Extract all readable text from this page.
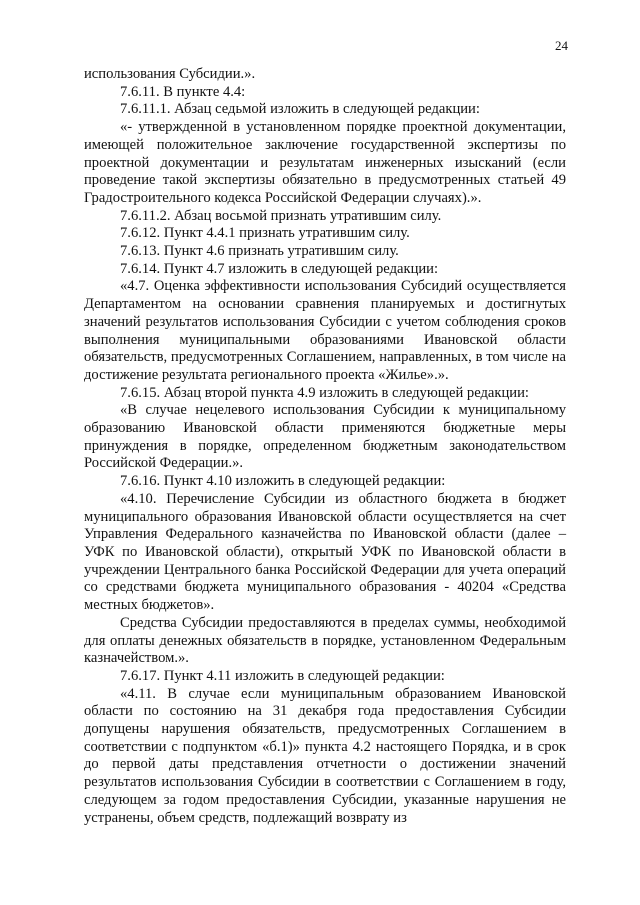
24

использования Субсидии.».

7.6.11. В пункте 4.4:

7.6.11.1. Абзац седьмой изложить в следующей редакции:

«- утвержденной в установленном порядке проектной документации, имеющей положительное заключение государственной экспертизы по проектной документации и результатам инженерных изысканий (если проведение такой экспертизы обязательно в предусмотренных статьей 49 Градостроительного кодекса Российской Федерации случаях).».

7.6.11.2. Абзац восьмой признать утратившим силу.

7.6.12. Пункт 4.4.1 признать утратившим силу.

7.6.13. Пункт 4.6 признать утратившим силу.

7.6.14. Пункт 4.7 изложить в следующей редакции:

«4.7. Оценка эффективности использования Субсидий осуществляется Департаментом на основании сравнения планируемых и достигнутых значений результатов использования Субсидии с учетом соблюдения сроков выполнения муниципальными образованиями Ивановской области обязательств, предусмотренных Соглашением, направленных, в том числе на достижение результата регионального проекта «Жилье».».

7.6.15. Абзац второй пункта 4.9 изложить в следующей редакции:

«В случае нецелевого использования Субсидии к муниципальному образованию Ивановской области применяются бюджетные меры принуждения в порядке, определенном бюджетным законодательством Российской Федерации.».

7.6.16. Пункт 4.10 изложить в следующей редакции:

«4.10. Перечисление Субсидии из областного бюджета в бюджет муниципального образования Ивановской области осуществляется на счет Управления Федерального казначейства по Ивановской области (далее – УФК по Ивановской области), открытый УФК по Ивановской области в учреждении Центрального банка Российской Федерации для учета операций со средствами бюджета муниципального образования - 40204 «Средства местных бюджетов».

Средства Субсидии предоставляются в пределах суммы, необходимой для оплаты денежных обязательств в порядке, установленном Федеральным казначейством.».

7.6.17. Пункт 4.11 изложить в следующей редакции:

«4.11. В случае если муниципальным образованием Ивановской области по состоянию на 31 декабря года предоставления Субсидии допущены нарушения обязательств, предусмотренных Соглашением в соответствии с подпунктом «б.1)» пункта 4.2 настоящего Порядка, и в срок до первой даты представления отчетности о достижении значений результатов использования Субсидии в соответствии с Соглашением в году, следующем за годом предоставления Субсидии, указанные нарушения не устранены, объем средств, подлежащий возврату из
